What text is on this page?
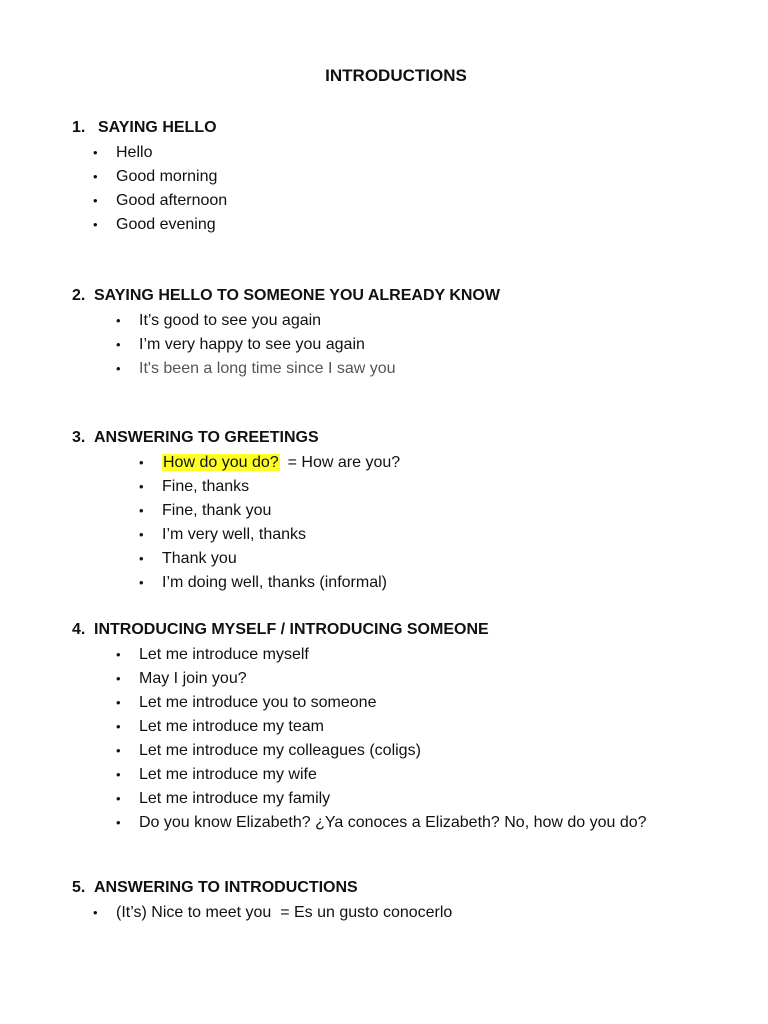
INTRODUCTIONS
1. SAYING HELLO
•	Hello
•	Good morning
•	Good afternoon
•	Good evening
2. SAYING HELLO TO SOMEONE YOU ALREADY KNOW
•	It’s good to see you again
•	I’m very happy to see you again
•	It's been a long time since I saw you
3. ANSWERING TO GREETINGS
•	How do you do? = How are you?
•	Fine, thanks
•	Fine, thank you
•	I’m very well, thanks
•	Thank you
•	I’m doing well, thanks (informal)
4. INTRODUCING MYSELF / INTRODUCING SOMEONE
•	Let me introduce myself
•	May I join you?
•	Let me introduce you to someone
•	Let me introduce my team
•	Let me introduce my colleagues (coligs)
•	Let me introduce my wife
•	Let me introduce my family
•	Do you know Elizabeth? ¿Ya conoces a Elizabeth? No, how do you do?
5. ANSWERING TO INTRODUCTIONS
•	(It’s) Nice to meet you  = Es un gusto conocerlo
